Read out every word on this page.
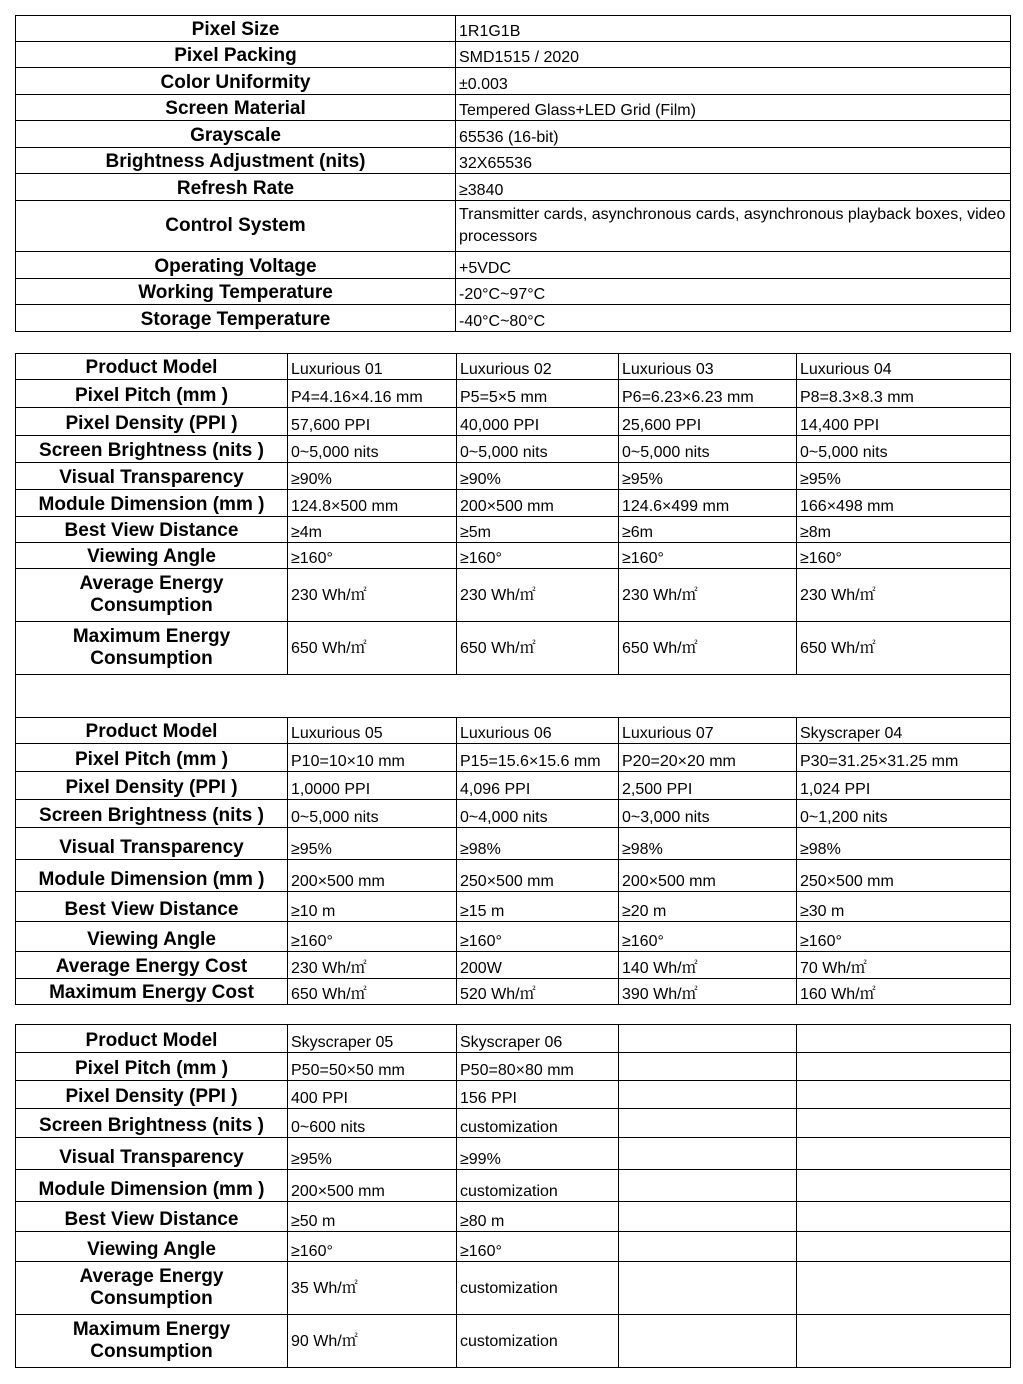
Pixel Size	1R1G1B
Pixel Packing	SMD1515 / 2020
Color Uniformity	±0.003
Screen Material	Tempered Glass+LED Grid (Film)
Grayscale	65536 (16-bit)
Brightness Adjustment (nits)	32X65536
Refresh Rate	≥3840
Control System	Transmitter cards, asynchronous cards, asynchronous playback boxes, video processors
Operating Voltage	+5VDC
Working Temperature	-20°C~97°C
Storage Temperature	-40°C~80°C
Product Model	Luxurious 01	Luxurious 02	Luxurious 03	Luxurious 04
Pixel Pitch (mm )	P4=4.16×4.16 mm	P5=5×5 mm	P6=6.23×6.23 mm	P8=8.3×8.3 mm
Pixel Density (PPI )	57,600 PPI	40,000 PPI	25,600 PPI	14,400 PPI
Screen Brightness (nits )	0~5,000 nits	0~5,000 nits	0~5,000 nits	0~5,000 nits
Visual Transparency	≥90%	≥90%	≥95%	≥95%
Module Dimension (mm )	124.8×500 mm	200×500 mm	124.6×499 mm	166×498 mm
Best View Distance	≥4m	≥5m	≥6m	≥8m
Viewing Angle	≥160°	≥160°	≥160°	≥160°
Average Energy Consumption	230 Wh/㎡	230 Wh/㎡	230 Wh/㎡	230 Wh/㎡
Maximum Energy Consumption	650 Wh/㎡	650 Wh/㎡	650 Wh/㎡	650 Wh/㎡

Product Model	Luxurious 05	Luxurious 06	Luxurious 07	Skyscraper 04
Pixel Pitch (mm )	P10=10×10 mm	P15=15.6×15.6 mm	P20=20×20 mm	P30=31.25×31.25 mm
Pixel Density (PPI )	1,0000 PPI	4,096 PPI	2,500 PPI	1,024 PPI
Screen Brightness (nits )	0~5,000 nits	0~4,000 nits	0~3,000 nits	0~1,200 nits
Visual Transparency	≥95%	≥98%	≥98%	≥98%
Module Dimension (mm )	200×500 mm	250×500 mm	200×500 mm	250×500 mm
Best View Distance	≥10 m	≥15 m	≥20 m	≥30 m
Viewing Angle	≥160°	≥160°	≥160°	≥160°
Average Energy Cost	230 Wh/㎡	200W	140 Wh/㎡	70 Wh/㎡
Maximum Energy Cost	650 Wh/㎡	520 Wh/㎡	390 Wh/㎡	160 Wh/㎡
Product Model	Skyscraper 05	Skyscraper 06		
Pixel Pitch (mm )	P50=50×50 mm	P50=80×80 mm		
Pixel Density (PPI )	400 PPI	156 PPI		
Screen Brightness (nits )	0~600 nits	customization		
Visual Transparency	≥95%	≥99%		
Module Dimension (mm )	200×500 mm	customization		
Best View Distance	≥50 m	≥80 m		
Viewing Angle	≥160°	≥160°		
Average Energy Consumption	35 Wh/㎡	customization		
Maximum Energy Consumption	90 Wh/㎡	customization		
